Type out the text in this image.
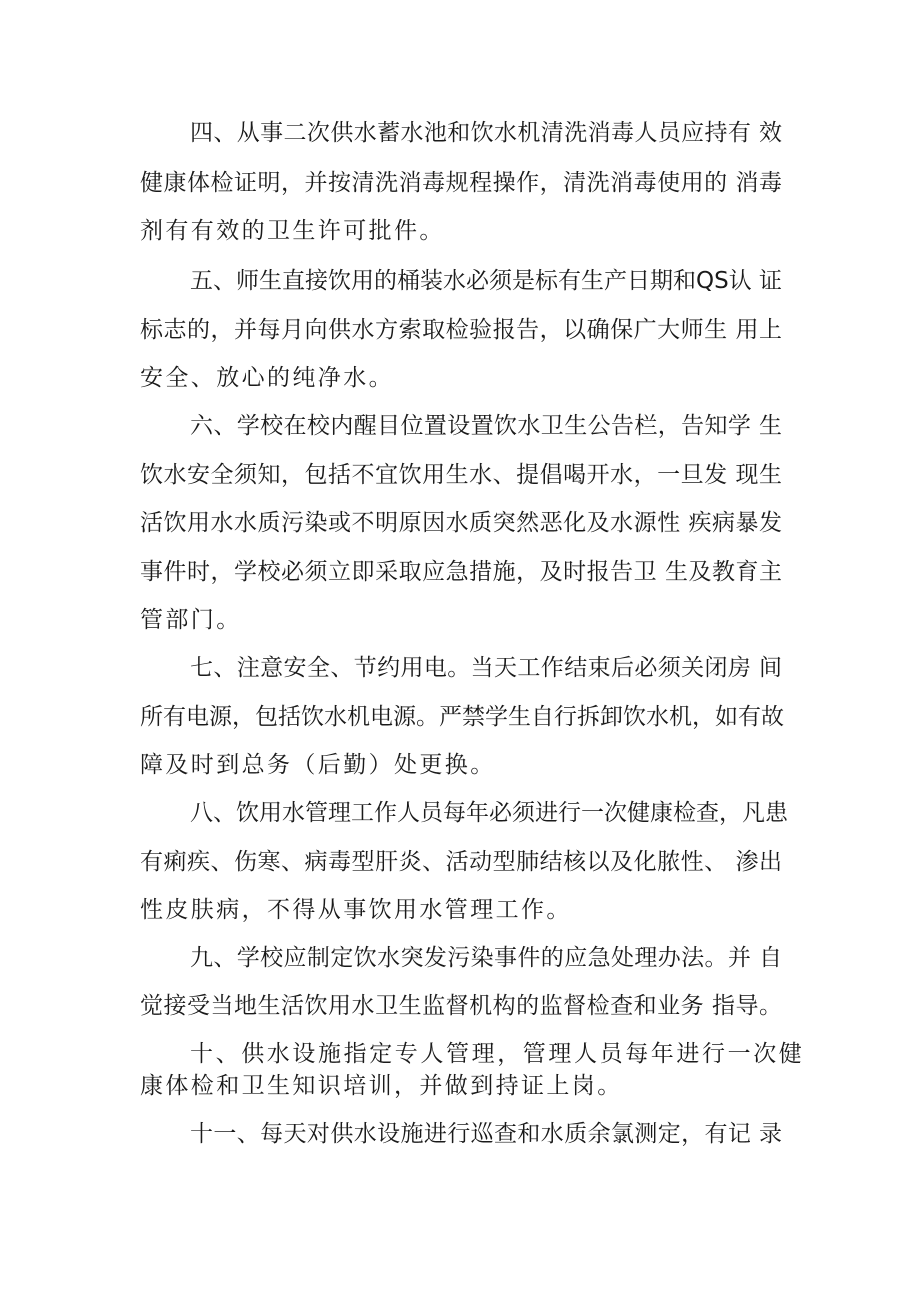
四、从事二次供水蓄水池和饮水机清洗消毒人员应持有 效
健康体检证明，并按清洗消毒规程操作，清洗消毒使用的 消毒
剂有有效的卫生许可批件。
五、师生直接饮用的桶装水必须是标有生产日期和QS认 证
标志的，并每月向供水方索取检验报告，以确保广大师生 用上
安全、放心的纯净水。
六、学校在校内醒目位置设置饮水卫生公告栏，告知学 生
饮水安全须知，包括不宜饮用生水、提倡喝开水，一旦发 现生
活饮用水水质污染或不明原因水质突然恶化及水源性 疾病暴发
事件时，学校必须立即采取应急措施，及时报告卫 生及教育主
管部门。
七、注意安全、节约用电。当天工作结束后必须关闭房 间
所有电源，包括饮水机电源。严禁学生自行拆卸饮水机，如有故
障及时到总务（后勤）处更换。
八、饮用水管理工作人员每年必须进行一次健康检查，凡患
有痢疾、伤寒、病毒型肝炎、活动型肺结核以及化脓性、 渗出
性皮肤病，不得从事饮用水管理工作。
九、学校应制定饮水突发污染事件的应急处理办法。并 自
觉接受当地生活饮用水卫生监督机构的监督检查和业务 指导。
十、供水设施指定专人管理，管理人员每年进行一次健
康体检和卫生知识培训，并做到持证上岗。
十一、每天对供水设施进行巡查和水质余氯测定，有记 录
